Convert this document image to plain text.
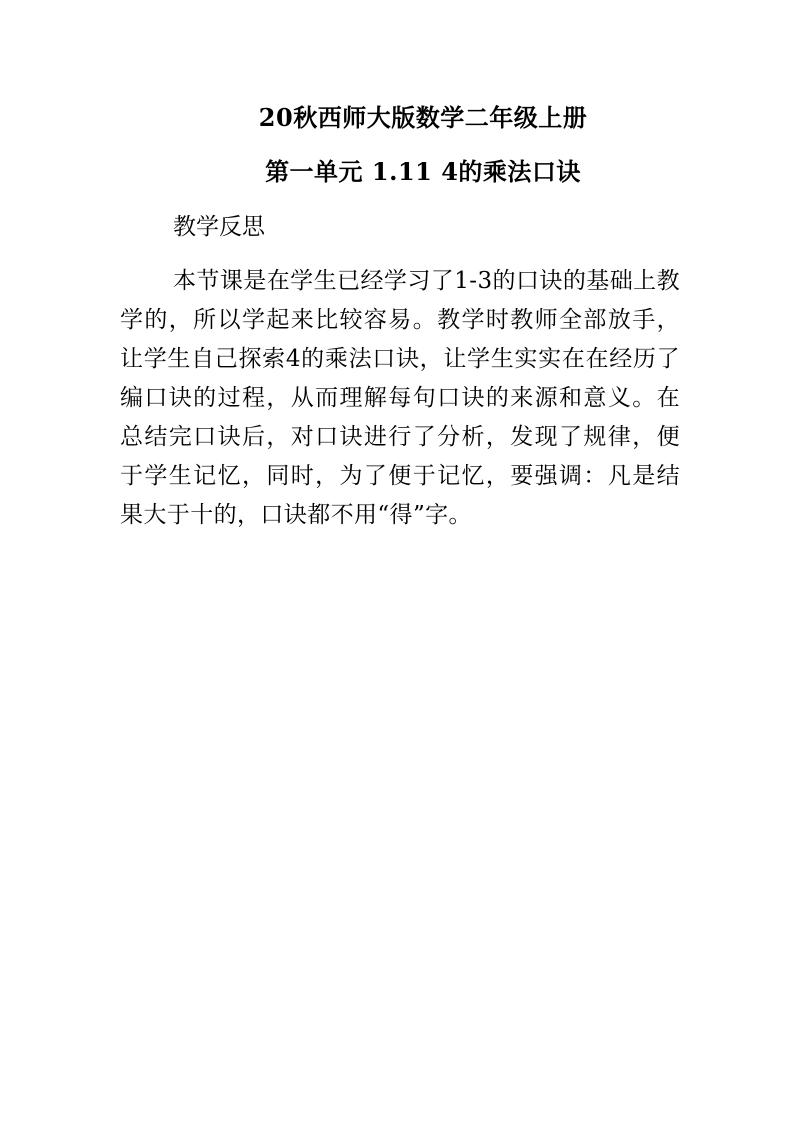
20秋西师大版数学二年级上册
第一单元 1.11 4的乘法口诀
教学反思
本节课是在学生已经学习了1-3的口诀的基础上教学的，所以学起来比较容易。教学时教师全部放手，让学生自己探索4的乘法口诀，让学生实实在在经历了编口诀的过程，从而理解每句口诀的来源和意义。在总结完口诀后，对口诀进行了分析，发现了规律，便于学生记忆，同时，为了便于记忆，要强调：凡是结果大于十的，口诀都不用“得”字。
